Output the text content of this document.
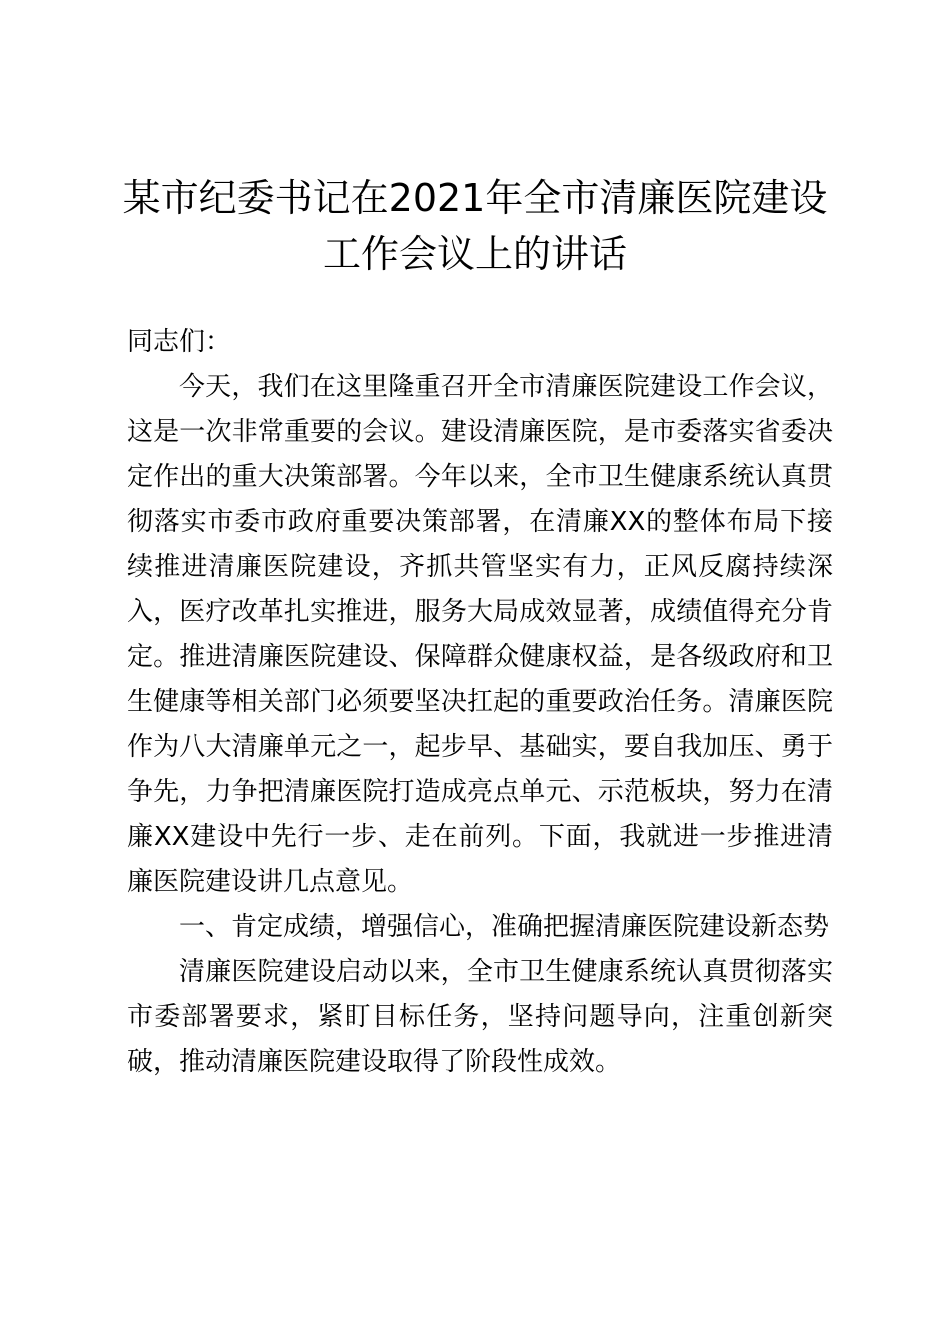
某市纪委书记在2021年全市清廉医院建设工作会议上的讲话

同志们：

今天，我们在这里隆重召开全市清廉医院建设工作会议，这是一次非常重要的会议。建设清廉医院，是市委落实省委决定作出的重大决策部署。今年以来，全市卫生健康系统认真贯彻落实市委市政府重要决策部署，在清廉XX的整体布局下接续推进清廉医院建设，齐抓共管坚实有力，正风反腐持续深入，医疗改革扎实推进，服务大局成效显著，成绩值得充分肯定。推进清廉医院建设、保障群众健康权益，是各级政府和卫生健康等相关部门必须要坚决扛起的重要政治任务。清廉医院作为八大清廉单元之一，起步早、基础实，要自我加压、勇于争先，力争把清廉医院打造成亮点单元、示范板块，努力在清廉XX建设中先行一步、走在前列。下面，我就进一步推进清廉医院建设讲几点意见。

一、肯定成绩，增强信心，准确把握清廉医院建设新态势

清廉医院建设启动以来，全市卫生健康系统认真贯彻落实市委部署要求，紧盯目标任务，坚持问题导向，注重创新突破，推动清廉医院建设取得了阶段性成效。
